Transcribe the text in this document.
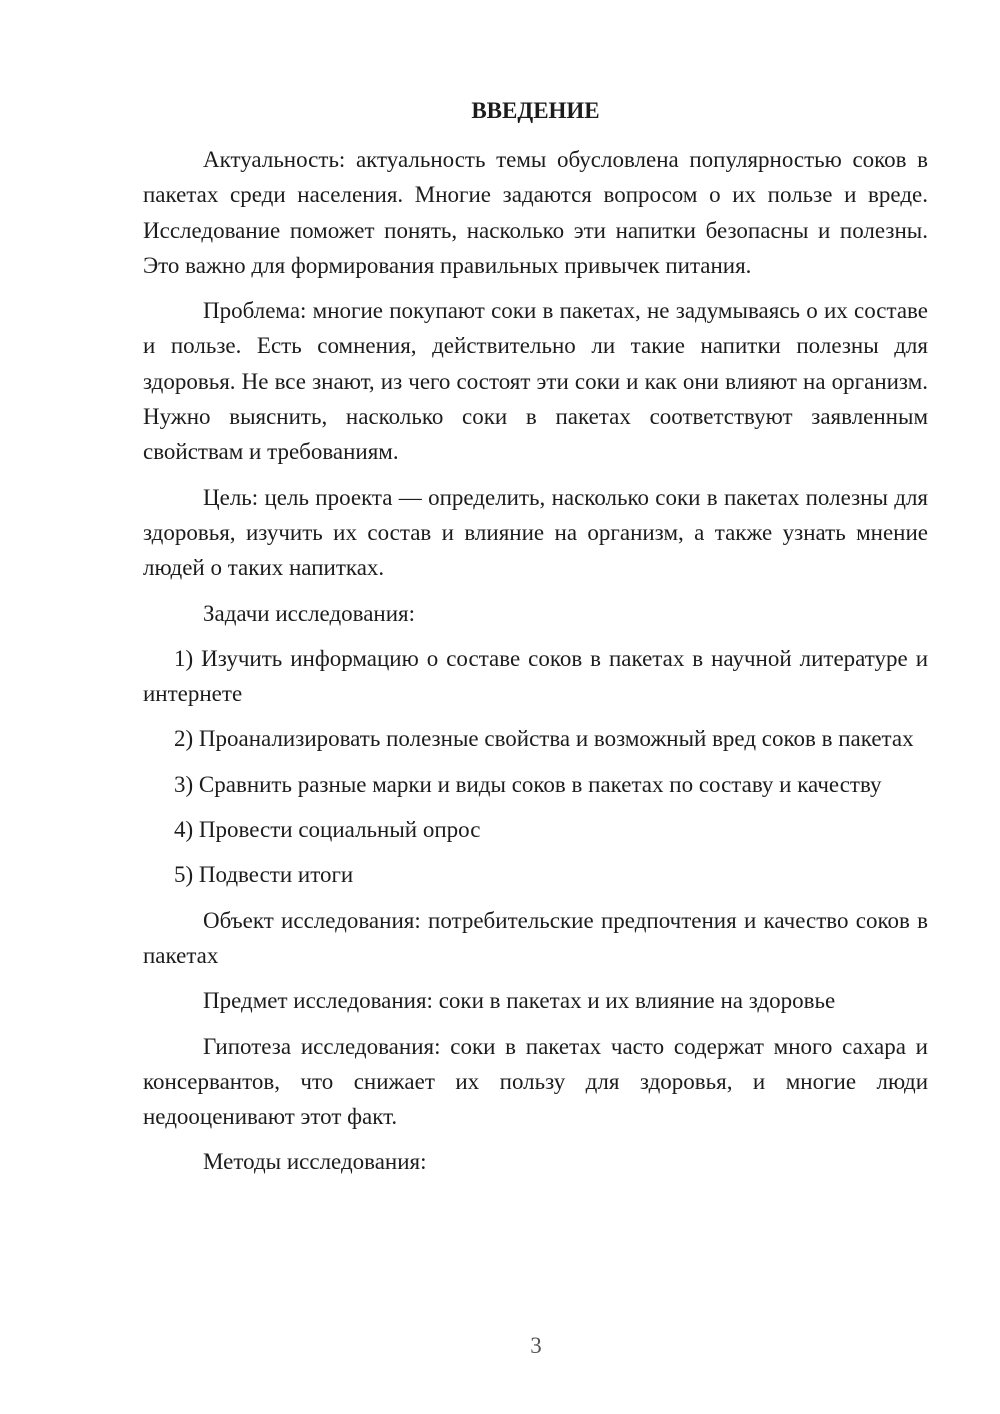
ВВЕДЕНИЕ

Актуальность: актуальность темы обусловлена популярностью соков в пакетах среди населения. Многие задаются вопросом о их пользе и вреде. Исследование поможет понять, насколько эти напитки безопасны и полезны. Это важно для формирования правильных привычек питания.

Проблема: многие покупают соки в пакетах, не задумываясь о их составе и пользе. Есть сомнения, действительно ли такие напитки полезны для здоровья. Не все знают, из чего состоят эти соки и как они влияют на организм. Нужно выяснить, насколько соки в пакетах соответствуют заявленным свойствам и требованиям.

Цель: цель проекта — определить, насколько соки в пакетах полезны для здоровья, изучить их состав и влияние на организм, а также узнать мнение людей о таких напитках.

Задачи исследования:

1) Изучить информацию о составе соков в пакетах в научной литературе и интернете

2) Проанализировать полезные свойства и возможный вред соков в пакетах

3) Сравнить разные марки и виды соков в пакетах по составу и качеству

4) Провести социальный опрос

5) Подвести итоги

Объект исследования: потребительские предпочтения и качество соков в пакетах

Предмет исследования: соки в пакетах и их влияние на здоровье

Гипотеза исследования: соки в пакетах часто содержат много сахара и консервантов, что снижает их пользу для здоровья, и многие люди недооценивают этот факт.

Методы исследования:

3
